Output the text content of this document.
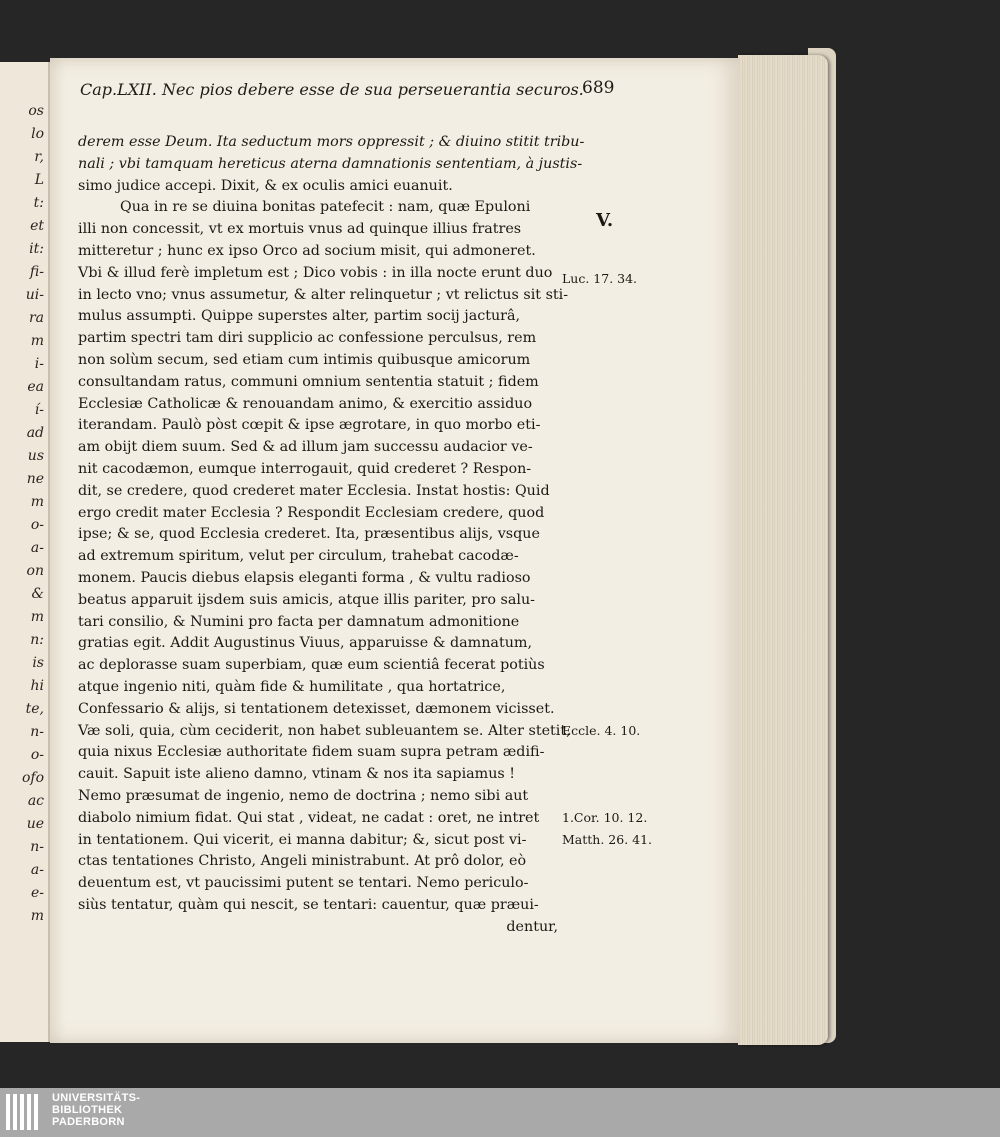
os
lo
r,
L
t:
et
it:
fi-
ui-
ra
m
i-
ea
í-
ad
us
ne
m
o-
a-
on
&
m
n:
is
hi
te,
n-
o-
ofo
ac
ue
n-
a-
e-
m
Cap.LXII. Nec pios debere esse de sua perseuerantia securos.
689
derem esse Deum. Ita seductum mors oppressit ; & diuino stitit tribu-
nali ; vbi tamquam hereticus aterna damnationis sententiam, à justis-
simo judice accepi. Dixit, & ex oculis amici euanuit.
Qua in re se diuina bonitas patefecit : nam, quæ Epuloni
illi non concessit, vt ex mortuis vnus ad quinque illius fratres
mitteretur ; hunc ex ipso Orco ad socium misit, qui admoneret.
Vbi & illud ferè impletum est ; Dico vobis : in illa nocte erunt duo
in lecto vno; vnus assumetur, & alter relinquetur ; vt relictus sit sti-
mulus assumpti. Quippe superstes alter, partim socij jacturâ,
partim spectri tam diri supplicio ac confessione perculsus, rem
non solùm secum, sed etiam cum intimis quibusque amicorum
consultandam ratus, communi omnium sententia statuit ; fidem
Ecclesiæ Catholicæ & renouandam animo, & exercitio assiduo
iterandam. Paulò pòst cœpit & ipse ægrotare, in quo morbo eti-
am obijt diem suum. Sed & ad illum jam successu audacior ve-
nit cacodæmon, eumque interrogauit, quid crederet ? Respon-
dit, se credere, quod crederet mater Ecclesia. Instat hostis: Quid
ergo credit mater Ecclesia ? Respondit Ecclesiam credere, quod
ipse; & se, quod Ecclesia crederet. Ita, præsentibus alijs, vsque
ad extremum spiritum, velut per circulum, trahebat cacodæ-
monem. Paucis diebus elapsis eleganti forma , & vultu radioso
beatus apparuit ijsdem suis amicis, atque illis pariter, pro salu-
tari consilio, & Numini pro facta per damnatum admonitione
gratias egit. Addit Augustinus Viuus, apparuisse & damnatum,
ac deplorasse suam superbiam, quæ eum scientiâ fecerat potiùs
atque ingenio niti, quàm fide & humilitate , qua hortatrice,
Confessario & alijs, si tentationem detexisset, dæmonem vicisset.
Væ soli, quia, cùm ceciderit, non habet subleuantem se. Alter stetit,
quia nixus Ecclesiæ authoritate fidem suam supra petram ædifi-
cauit. Sapuit iste alieno damno, vtinam & nos ita sapiamus !
Nemo præsumat de ingenio, nemo de doctrina ; nemo sibi aut
diabolo nimium fidat. Qui stat , videat, ne cadat : oret, ne intret
in tentationem. Qui vicerit, ei manna dabitur; &, sicut post vi-
ctas tentationes Christo, Angeli ministrabunt. At prô dolor, eò
deuentum est, vt paucissimi putent se tentari. Nemo periculo-
siùs tentatur, quàm qui nescit, se tentari: cauentur, quæ præui-
dentur,
V.
Luc. 17. 34.
Eccle. 4. 10.
1.Cor. 10. 12.
Matth. 26. 41.
UNIVERSITÄTS-
BIBLIOTHEK
PADERBORN
